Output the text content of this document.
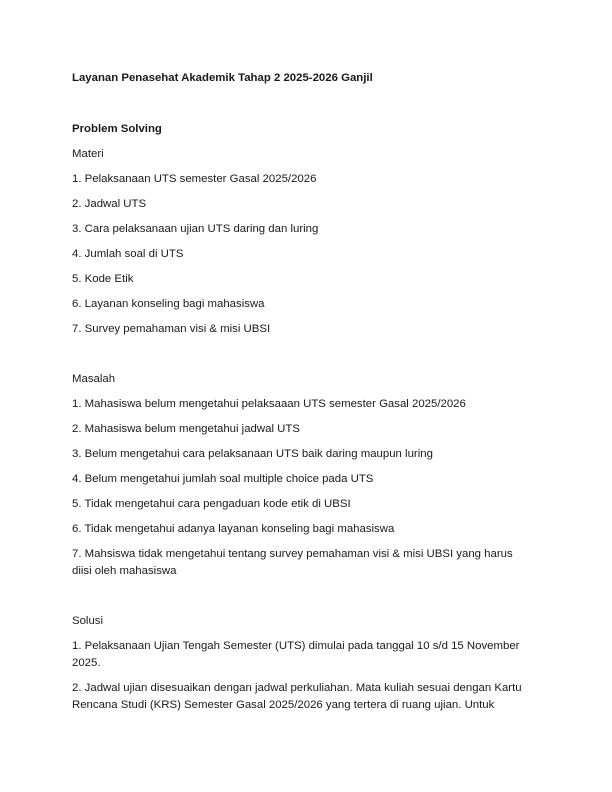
Layanan Penasehat Akademik Tahap 2 2025-2026 Ganjil
Problem Solving
Materi
1. Pelaksanaan UTS semester Gasal 2025/2026
2. Jadwal UTS
3. Cara pelaksanaan ujian UTS daring dan luring
4. Jumlah soal di UTS
5. Kode Etik
6. Layanan konseling bagi mahasiswa
7. Survey pemahaman visi & misi UBSI
Masalah
1. Mahasiswa belum mengetahui pelaksaaan UTS semester Gasal 2025/2026
2. Mahasiswa belum mengetahui jadwal UTS
3. Belum mengetahui cara pelaksanaan UTS baik daring maupun luring
4. Belum mengetahui jumlah soal multiple choice pada UTS
5. Tidak mengetahui cara pengaduan kode etik di UBSI
6. Tidak mengetahui adanya layanan konseling bagi mahasiswa
7. Mahsiswa tidak mengetahui tentang survey pemahaman visi & misi UBSI yang harus
diisi oleh mahasiswa
Solusi
1. Pelaksanaan Ujian Tengah Semester (UTS) dimulai pada tanggal 10 s/d 15 November
2025.
2. Jadwal ujian disesuaikan dengan jadwal perkuliahan. Mata kuliah sesuai dengan Kartu
Rencana Studi (KRS) Semester Gasal 2025/2026 yang tertera di ruang ujian. Untuk
